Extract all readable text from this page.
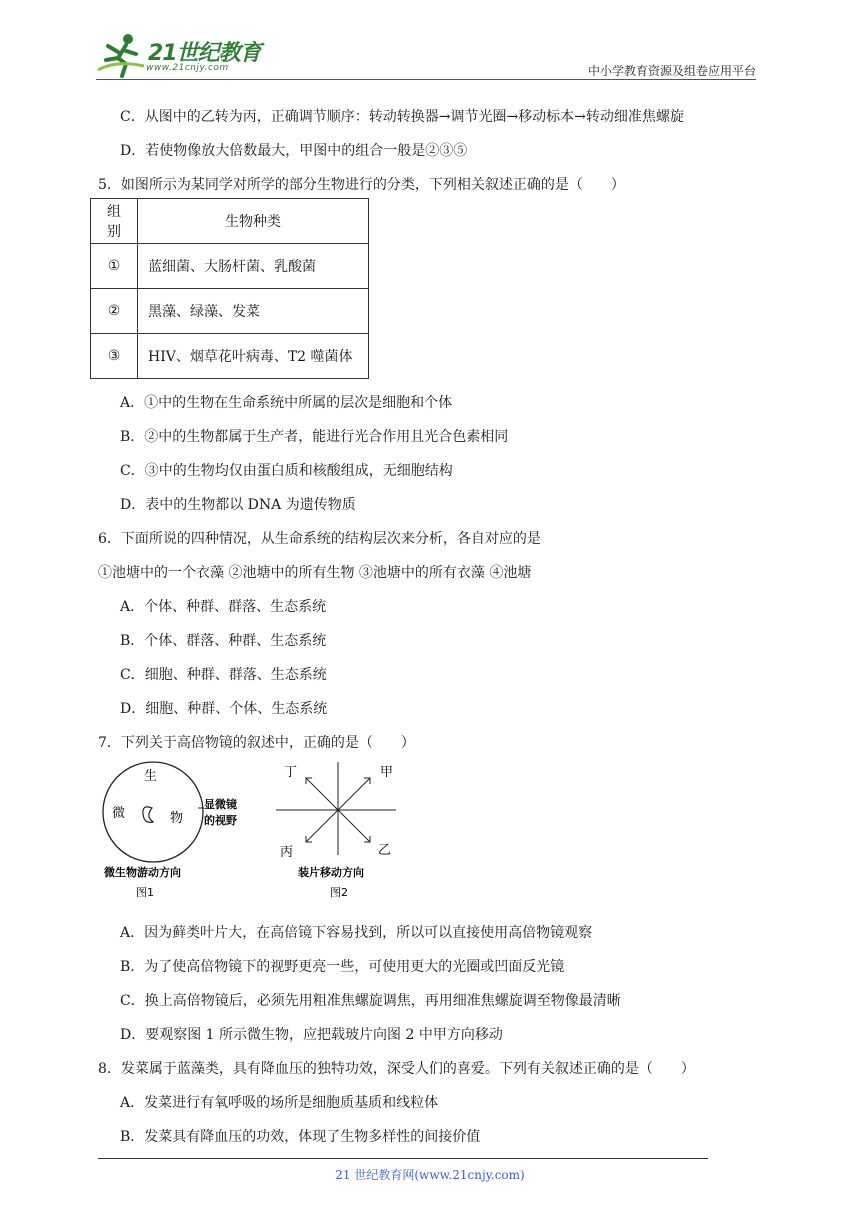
21世纪教育
www.21cnjy.com	中小学教育资源及组卷应用平台
C．从图中的乙转为丙，正确调节顺序：转动转换器→调节光圈→移动标本→转动细准焦螺旋
D．若使物像放大倍数最大，甲图中的组合一般是②③⑤
5．如图所示为某同学对所学的部分生物进行的分类，下列相关叙述正确的是（　　）
组别	生物种类
①	蓝细菌、大肠杆菌、乳酸菌
②	黑藻、绿藻、发菜
③	HIV、烟草花叶病毒、T2 噬菌体
A．①中的生物在生命系统中所属的层次是细胞和个体
B．②中的生物都属于生产者，能进行光合作用且光合色素相同
C．③中的生物均仅由蛋白质和核酸组成，无细胞结构
D．表中的生物都以 DNA 为遗传物质
6．下面所说的四种情况，从生命系统的结构层次来分析，各自对应的是
①池塘中的一个衣藻 ②池塘中的所有生物 ③池塘中的所有衣藻 ④池塘
A．个体、种群、群落、生态系统
B．个体、群落、种群、生态系统
C．细胞、种群、群落、生态系统
D．细胞、种群、个体、生态系统
7．下列关于高倍物镜的叙述中，正确的是（　　）
生
微	物
显微镜
的视野
微生物游动方向
图1
丁	甲
丙	乙
装片移动方向
图2
A．因为藓类叶片大，在高倍镜下容易找到，所以可以直接使用高倍物镜观察
B．为了使高倍物镜下的视野更亮一些，可使用更大的光圈或凹面反光镜
C．换上高倍物镜后，必须先用粗准焦螺旋调焦，再用细准焦螺旋调至物像最清晰
D．要观察图 1 所示微生物，应把载玻片向图 2 中甲方向移动
8．发菜属于蓝藻类，具有降血压的独特功效，深受人们的喜爱。下列有关叙述正确的是（　　）
A．发菜进行有氧呼吸的场所是细胞质基质和线粒体
B．发菜具有降血压的功效，体现了生物多样性的间接价值
21 世纪教育网(www.21cnjy.com)
